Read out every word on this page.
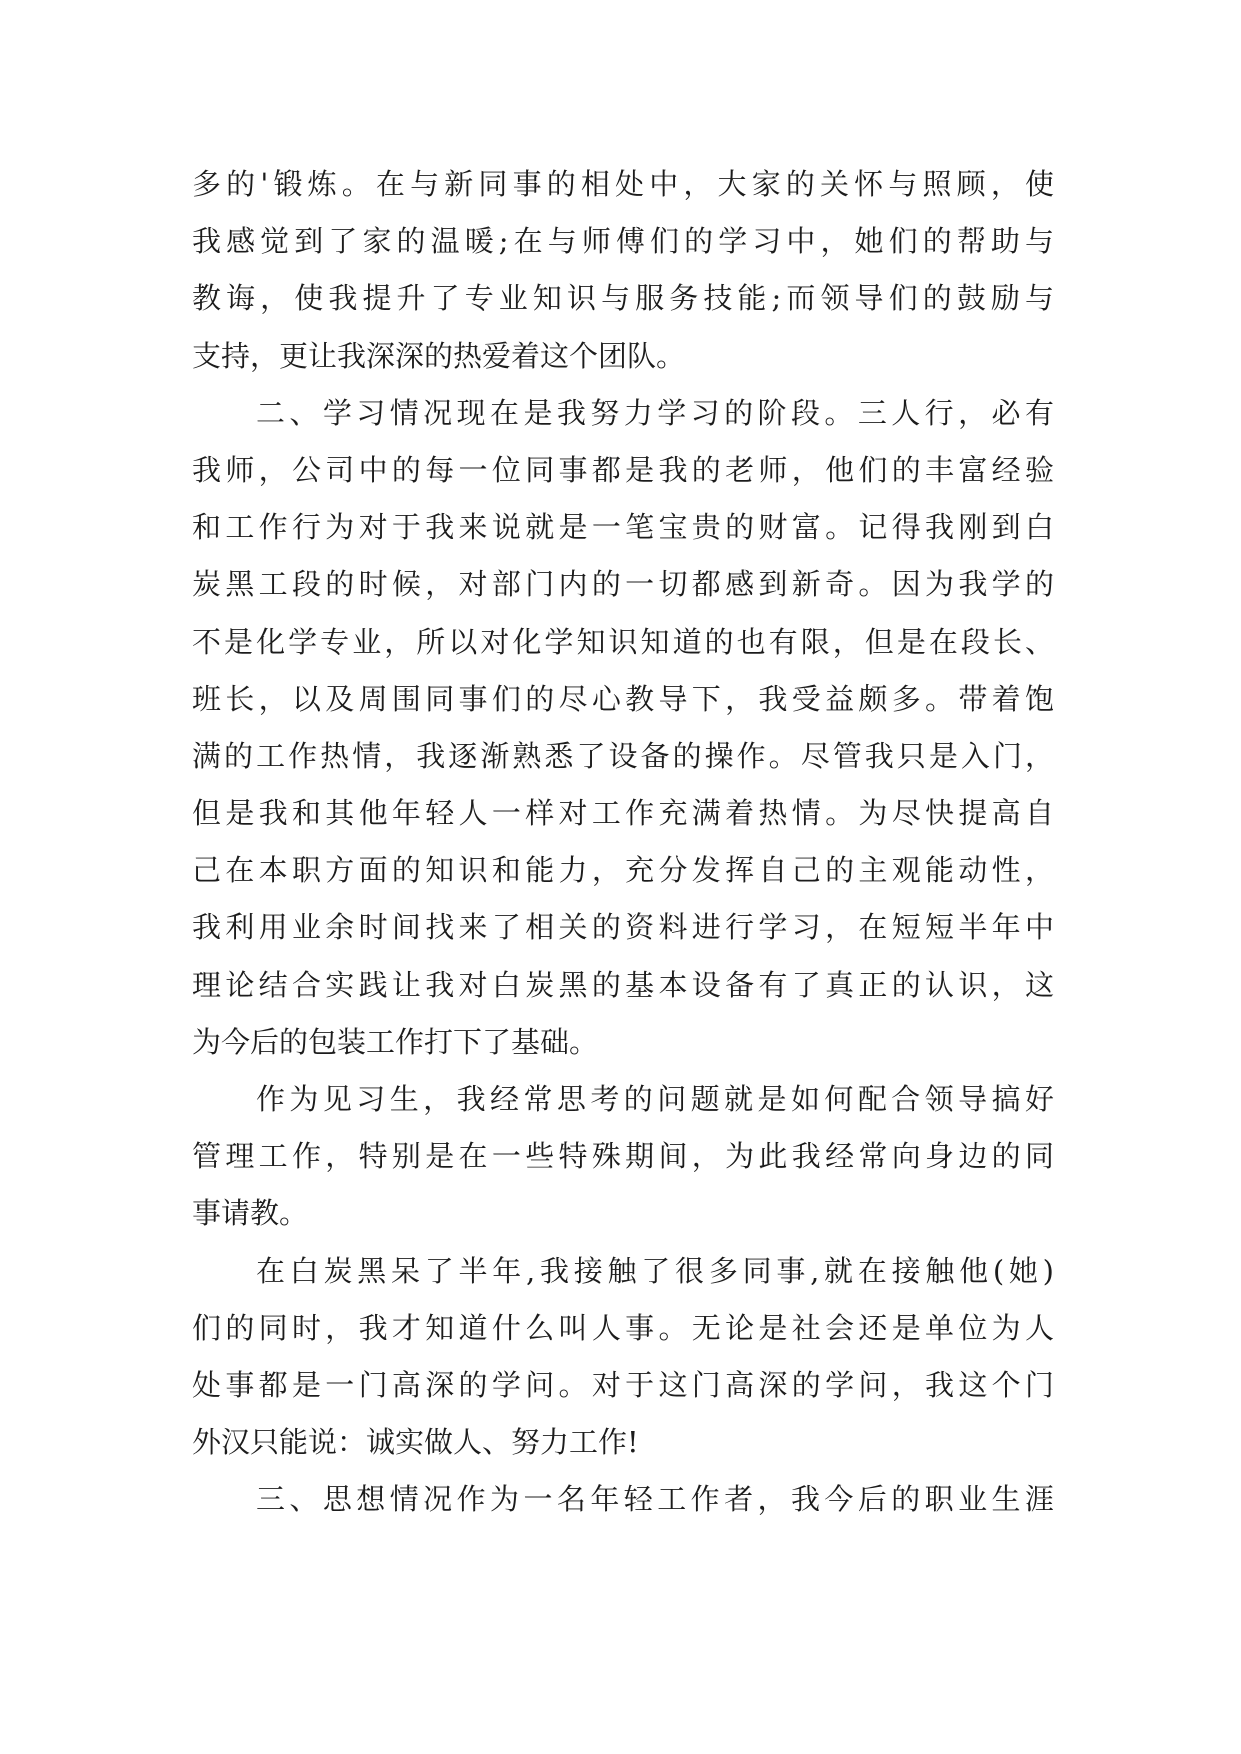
多的'锻炼。在与新同事的相处中，大家的关怀与照顾，使
我感觉到了家的温暖;在与师傅们的学习中，她们的帮助与
教诲，使我提升了专业知识与服务技能;而领导们的鼓励与
支持，更让我深深的热爱着这个团队。
二、学习情况现在是我努力学习的阶段。三人行，必有
我师，公司中的每一位同事都是我的老师，他们的丰富经验
和工作行为对于我来说就是一笔宝贵的财富。记得我刚到白
炭黑工段的时候，对部门内的一切都感到新奇。因为我学的
不是化学专业，所以对化学知识知道的也有限，但是在段长、
班长，以及周围同事们的尽心教导下，我受益颇多。带着饱
满的工作热情，我逐渐熟悉了设备的操作。尽管我只是入门，
但是我和其他年轻人一样对工作充满着热情。为尽快提高自
己在本职方面的知识和能力，充分发挥自己的主观能动性，
我利用业余时间找来了相关的资料进行学习，在短短半年中
理论结合实践让我对白炭黑的基本设备有了真正的认识，这
为今后的包装工作打下了基础。
作为见习生，我经常思考的问题就是如何配合领导搞好
管理工作，特别是在一些特殊期间，为此我经常向身边的同
事请教。
在白炭黑呆了半年,我接触了很多同事,就在接触他(她)
们的同时，我才知道什么叫人事。无论是社会还是单位为人
处事都是一门高深的学问。对于这门高深的学问，我这个门
外汉只能说：诚实做人、努力工作!
三、思想情况作为一名年轻工作者，我今后的职业生涯
